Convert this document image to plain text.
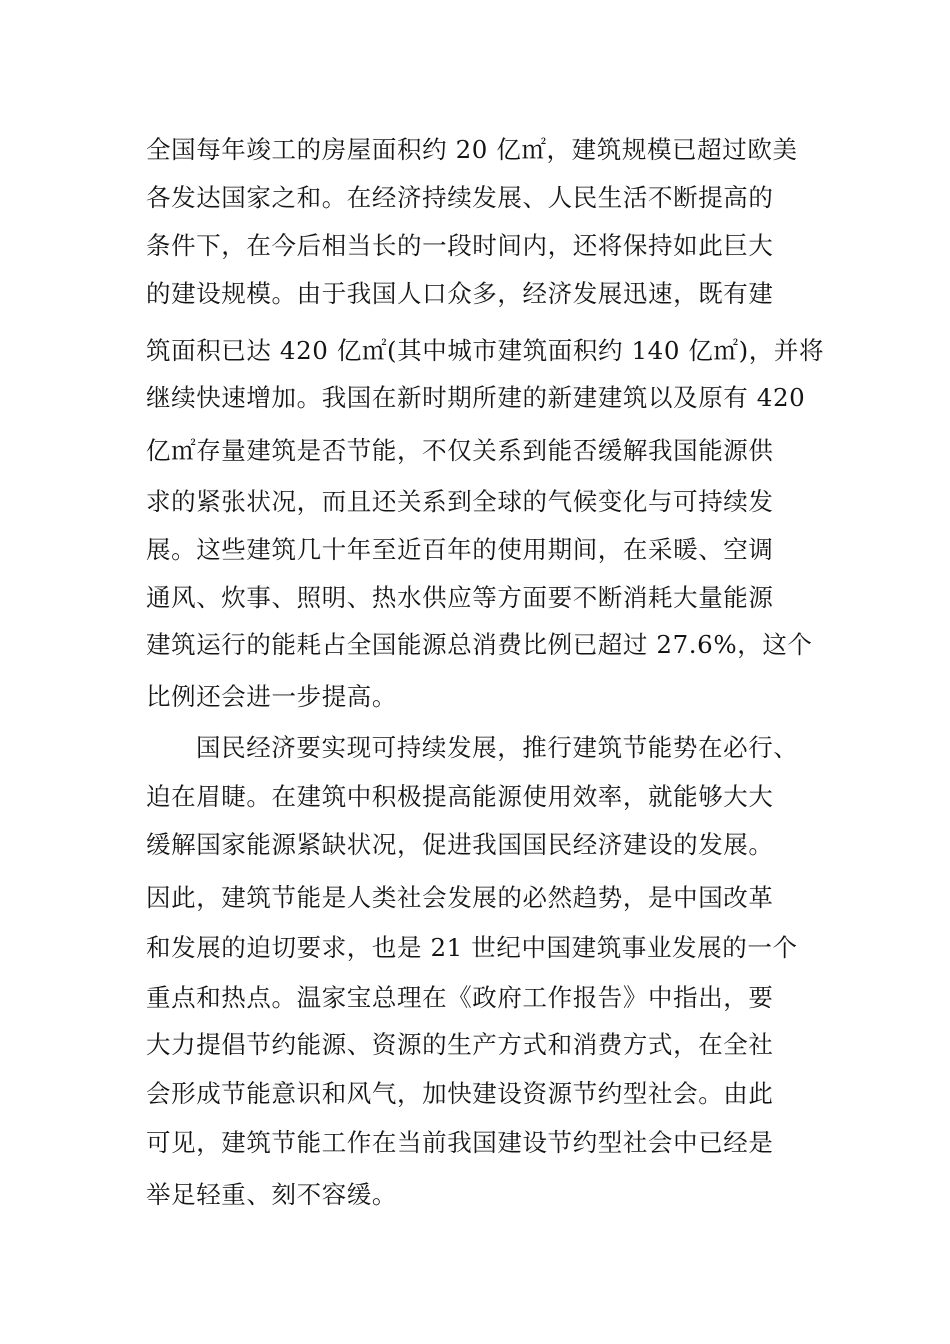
全国每年竣工的房屋面积约 20 亿㎡，建筑规模已超过欧美
各发达国家之和。在经济持续发展、人民生活不断提高的
条件下，在今后相当长的一段时间内，还将保持如此巨大
的建设规模。由于我国人口众多，经济发展迅速，既有建
筑面积已达 420 亿㎡(其中城市建筑面积约 140 亿㎡)，并将
继续快速增加。我国在新时期所建的新建建筑以及原有 420
亿㎡存量建筑是否节能，不仅关系到能否缓解我国能源供
求的紧张状况，而且还关系到全球的气候变化与可持续发
展。这些建筑几十年至近百年的使用期间，在采暖、空调
通风、炊事、照明、热水供应等方面要不断消耗大量能源
建筑运行的能耗占全国能源总消费比例已超过 27.6%，这个
比例还会进一步提高。
国民经济要实现可持续发展，推行建筑节能势在必行、
迫在眉睫。在建筑中积极提高能源使用效率，就能够大大
缓解国家能源紧缺状况，促进我国国民经济建设的发展。
因此，建筑节能是人类社会发展的必然趋势，是中国改革
和发展的迫切要求，也是 21 世纪中国建筑事业发展的一个
重点和热点。温家宝总理在《政府工作报告》中指出，要
大力提倡节约能源、资源的生产方式和消费方式，在全社
会形成节能意识和风气，加快建设资源节约型社会。由此
可见，建筑节能工作在当前我国建设节约型社会中已经是
举足轻重、刻不容缓。
